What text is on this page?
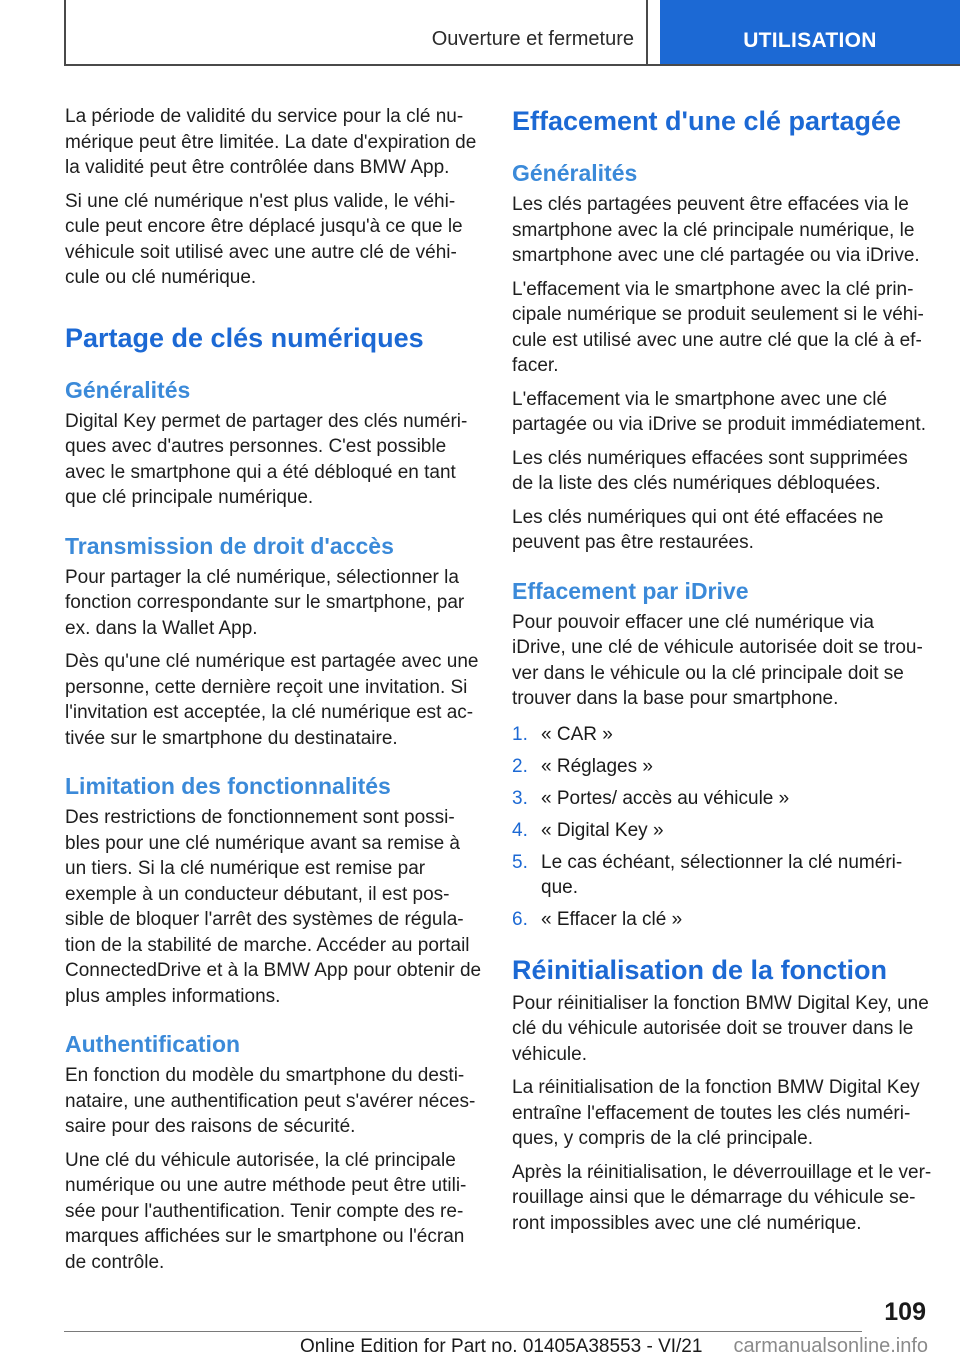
Ouverture et fermeture	UTILISATION

La période de validité du service pour la clé nu-mérique peut être limitée. La date d'expiration de la validité peut être contrôlée dans BMW App.

Si une clé numérique n'est plus valide, le véhi-cule peut encore être déplacé jusqu'à ce que le véhicule soit utilisé avec une autre clé de véhi-cule ou clé numérique.

Partage de clés numériques
Généralités

Digital Key permet de partager des clés numéri-ques avec d'autres personnes. C'est possible avec le smartphone qui a été débloqué en tant que clé principale numérique.

Transmission de droit d'accès

Pour partager la clé numérique, sélectionner la fonction correspondante sur le smartphone, par ex. dans la Wallet App.

Dès qu'une clé numérique est partagée avec une personne, cette dernière reçoit une invitation. Si l'invitation est acceptée, la clé numérique est ac-tivée sur le smartphone du destinataire.

Limitation des fonctionnalités

Des restrictions de fonctionnement sont possi-bles pour une clé numérique avant sa remise à un tiers. Si la clé numérique est remise par exemple à un conducteur débutant, il est pos-sible de bloquer l'arrêt des systèmes de régula-tion de la stabilité de marche. Accéder au portail ConnectedDrive et à la BMW App pour obtenir de plus amples informations.

Authentification

En fonction du modèle du smartphone du desti-nataire, une authentification peut s'avérer néces-saire pour des raisons de sécurité.

Une clé du véhicule autorisée, la clé principale numérique ou une autre méthode peut être utili-sée pour l'authentification. Tenir compte des re-marques affichées sur le smartphone ou l'écran de contrôle.

Effacement d'une clé partagée
Généralités

Les clés partagées peuvent être effacées via le smartphone avec la clé principale numérique, le smartphone avec une clé partagée ou via iDrive.

L'effacement via le smartphone avec la clé prin-cipale numérique se produit seulement si le véhi-cule est utilisé avec une autre clé que la clé à ef-facer.

L'effacement via le smartphone avec une clé partagée ou via iDrive se produit immédiatement.

Les clés numériques effacées sont supprimées de la liste des clés numériques débloquées.

Les clés numériques qui ont été effacées ne peuvent pas être restaurées.

Effacement par iDrive

Pour pouvoir effacer une clé numérique via iDrive, une clé de véhicule autorisée doit se trou-ver dans le véhicule ou la clé principale doit se trouver dans la base pour smartphone.

1. « CAR »
2. « Réglages »
3. « Portes/ accès au véhicule »
4. « Digital Key »
5. Le cas échéant, sélectionner la clé numéri-que.
6. « Effacer la clé »
Réinitialisation de la fonction

Pour réinitialiser la fonction BMW Digital Key, une clé du véhicule autorisée doit se trouver dans le véhicule.

La réinitialisation de la fonction BMW Digital Key entraîne l'effacement de toutes les clés numéri-ques, y compris de la clé principale.

Après la réinitialisation, le déverrouillage et le ver-rouillage ainsi que le démarrage du véhicule se-ront impossibles avec une clé numérique.

109
Online Edition for Part no. 01405A38553 - VI/21 carmanualsonline.info
